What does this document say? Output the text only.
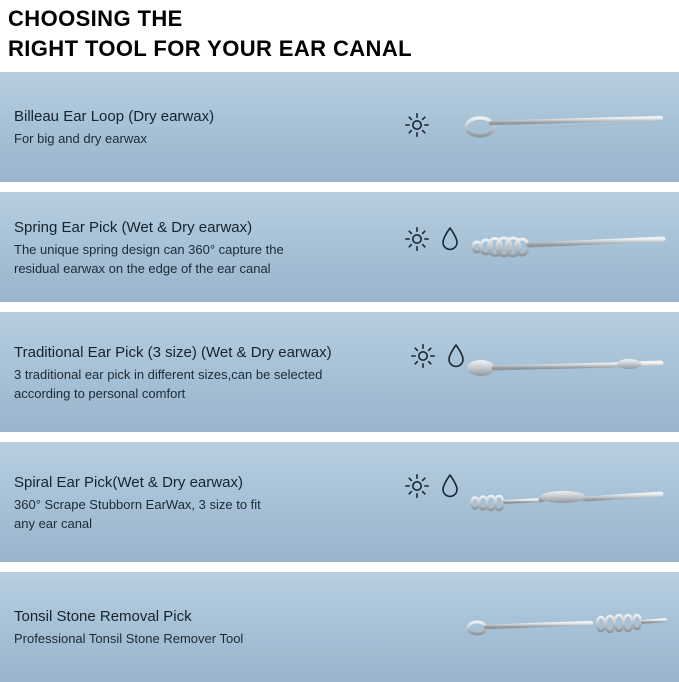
CHOOSING THE
RIGHT TOOL FOR YOUR EAR CANAL
Billeau Ear Loop (Dry earwax)
For big and dry earwax
Spring Ear Pick (Wet & Dry earwax)
The unique spring design can 360° capture the
residual earwax on the edge of the ear canal
Traditional Ear Pick (3 size) (Wet & Dry earwax)
3 traditional ear pick in different sizes,can be selected
according to personal comfort
Spiral Ear Pick(Wet & Dry earwax)
360° Scrape Stubborn EarWax, 3 size to fit
any ear canal
Tonsil Stone Removal Pick
Professional Tonsil Stone Remover Tool
